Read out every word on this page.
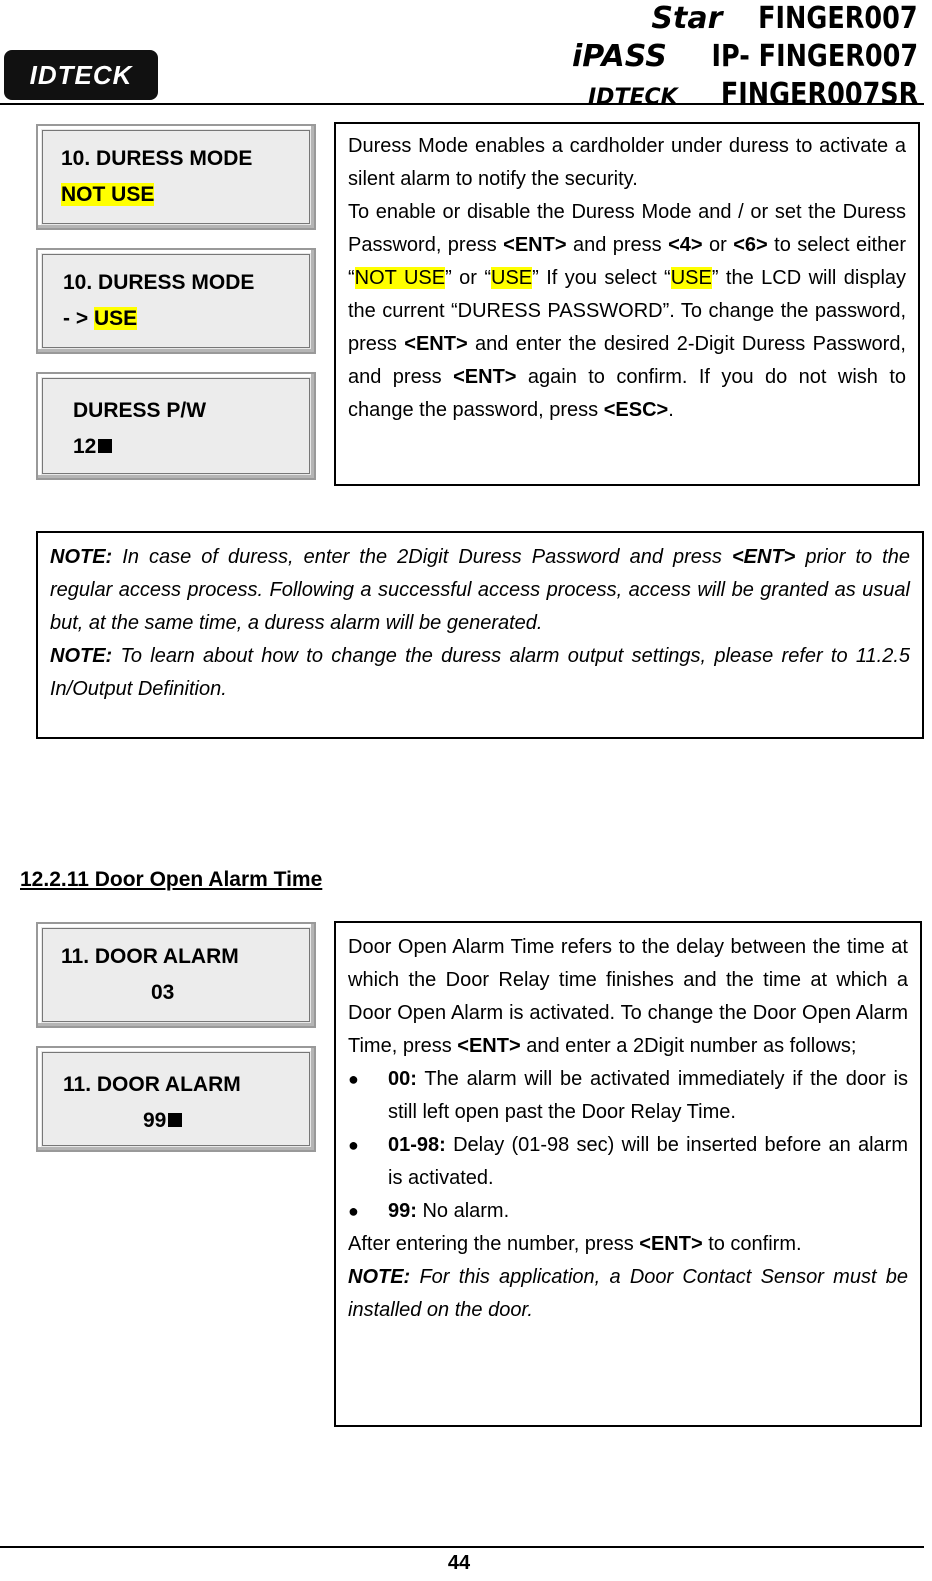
IDTECK
Star FINGER007
iPASS IP- FINGER007
IDTECK FINGER007SR
10. DURESS MODE
NOT USE
10. DURESS MODE
- > USE
DURESS P/W
12

Duress Mode enables a cardholder under duress to activate a silent alarm to notify the security.

To enable or disable the Duress Mode and / or set the Duress Password, press <ENT> and press <4> or <6> to select either “NOT USE” or “USE” If you select “USE” the LCD will display the current “DURESS PASSWORD”. To change the password, press <ENT> and enter the desired 2-Digit Duress Password, and press <ENT> again to confirm. If you do not wish to change the password, press <ESC>.

NOTE: In case of duress, enter the 2Digit Duress Password and press <ENT> prior to the regular access process. Following a successful access process, access will be granted as usual but, at the same time, a duress alarm will be generated.

NOTE: To learn about how to change the duress alarm output settings, please refer to 11.2.5 In/Output Definition.

12.2.11 Door Open Alarm Time
11. DOOR ALARM
03
11. DOOR ALARM
99

Door Open Alarm Time refers to the delay between the time at which the Door Relay time finishes and the time at which a Door Open Alarm is activated. To change the Door Open Alarm Time, press <ENT> and enter a 2Digit number as follows;

● 00: The alarm will be activated immediately if the door is still left open past the Door Relay Time.

● 01-98: Delay (01-98 sec) will be inserted before an alarm is activated.

● 99: No alarm.

After entering the number, press <ENT> to confirm.

NOTE: For this application, a Door Contact Sensor must be installed on the door.

44
